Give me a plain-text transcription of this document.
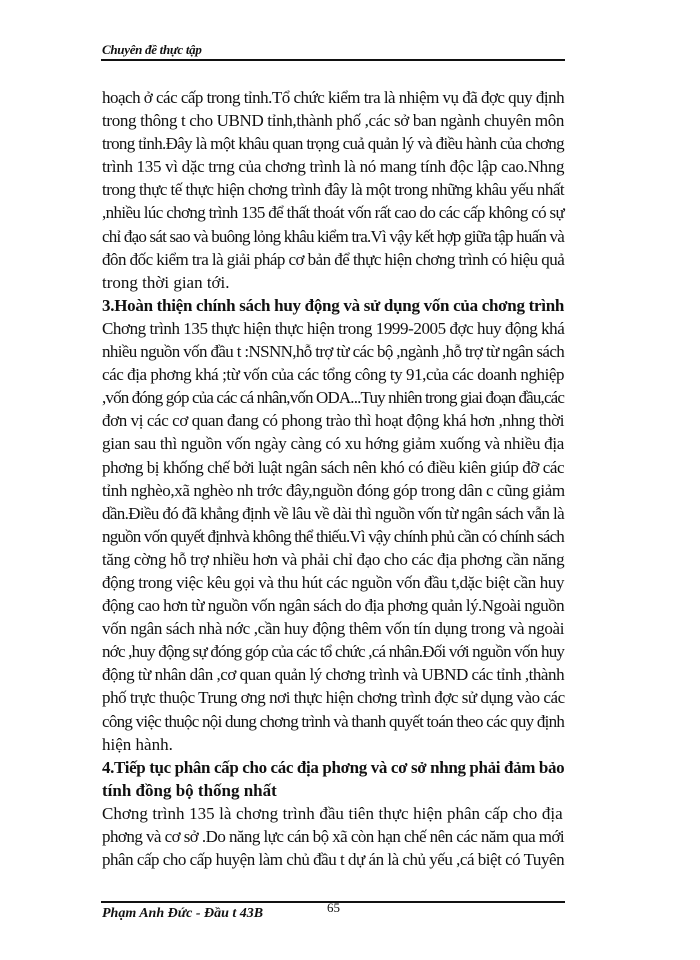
Chuyên đề thực tập
hoạch ở các cấp trong tỉnh.Tổ chức kiểm tra là nhiệm vụ đã đợc quy định
trong thông t cho UBND tỉnh,thành phố ,các sở ban ngành chuyên môn
trong tỉnh.Đây là một khâu quan trọng cuả quản lý và điều hành của chơng
trình 135 vì dặc trng của chơng trình là nó mang tính độc lập cao.Nhng
trong thực tế thực hiện chơng trình đây là một trong những khâu yếu nhất
,nhiều lúc chơng trình 135 để thất thoát vốn rất cao do các cấp không có sự
chỉ đạo sát sao và buông lỏng khâu kiểm tra.Vì vậy kết hợp giữa tập huấn và
đôn đốc kiểm tra là giải pháp cơ bản để thực hiện chơng trình có hiệu quả
trong thời gian tới.
3.Hoàn thiện chính sách huy động và sử dụng vốn của chơng trình
Chơng trình 135 thực hiện thực hiện trong 1999-2005 đợc huy động khá
nhiều nguồn vốn đầu t :NSNN,hỗ trợ từ các bộ ,ngành ,hỗ trợ từ ngân sách
các địa phơng khá ;từ vốn của các tổng công ty 91,của các doanh nghiệp
,vốn đóng góp của các cá nhân,vốn ODA...Tuy nhiên trong giai đoạn đầu,các
đơn vị các cơ quan đang có phong trào thì hoạt động khá hơn ,nhng thời
gian sau thì nguồn vốn ngày càng có xu hớng giảm xuống và nhiều địa
phơng bị khống chế bởi luật ngân sách nên khó có điều kiên giúp đỡ các
tỉnh nghèo,xã nghèo nh trớc đây,nguồn đóng góp trong dân c cũng giảm
dần.Điều đó đã khẳng định về lâu về dài thì nguồn vốn từ ngân sách vẫn là
nguồn vốn quyết địnhvà không thể thiếu.Vì vậy chính phủ cần có chính sách
tăng cờng hỗ trợ nhiều hơn và phải chỉ đạo cho các địa phơng cần năng
động trong việc kêu gọi và thu hút các nguồn vốn đầu t,dặc biệt cần huy
động cao hơn từ nguồn vốn ngân sách do địa phơng quản lý.Ngoài nguồn
vốn ngân sách nhà nớc ,cần huy động thêm vốn tín dụng trong và ngoài
nớc ,huy động sự đóng góp của các tổ chức ,cá nhân.Đối với nguồn vốn huy
động từ nhân dân ,cơ quan quản lý chơng trình và UBND các tỉnh ,thành
phố trực thuộc Trung ơng nơi thực hiện chơng trình đợc sử dụng vào các
công việc thuộc nội dung chơng trình và thanh quyết toán theo các quy định
hiện hành.
4.Tiếp tục phân cấp cho các địa phơng và cơ sở nhng phải đảm bảo
tính đồng bộ thống nhất
Chơng trình 135 là chơng trình đầu tiên thực hiện phân cấp cho địa
phơng và cơ sở .Do năng lực cán bộ xã còn hạn chế nên các năm qua mới
phân cấp cho cấp huyện làm chủ đầu t dự án là chủ yếu ,cá biệt có Tuyên
Phạm Anh Đức - Đầu t 43B	65
